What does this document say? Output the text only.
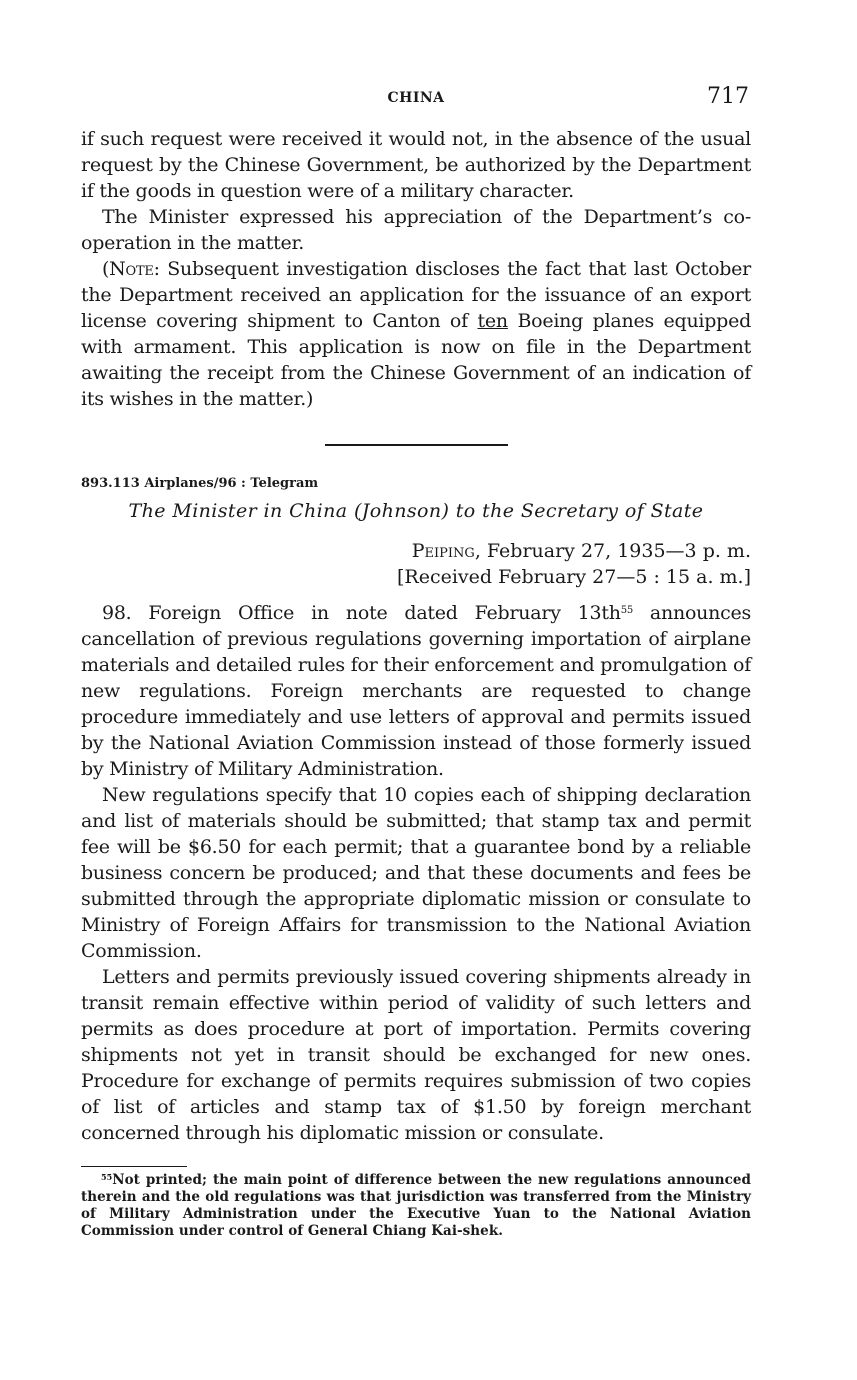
CHINA	717

if such request were received it would not, in the absence of the usual request by the Chinese Government, be authorized by the Department if the goods in question were of a military character.

The Minister expressed his appreciation of the Department’s co-operation in the matter.

(Note: Subsequent investigation discloses the fact that last October the Department received an application for the issuance of an export license covering shipment to Canton of ten Boeing planes equipped with armament. This application is now on file in the Department awaiting the receipt from the Chinese Government of an indication of its wishes in the matter.)

893.113 Airplanes/96 : Telegram

The Minister in China (Johnson) to the Secretary of State

Peiping, February 27, 1935—3 p. m.
[Received February 27—5 : 15 a. m.]

98. Foreign Office in note dated February 13th$^{55}$ announces cancellation of previous regulations governing importation of airplane materials and detailed rules for their enforcement and promulgation of new regulations. Foreign merchants are requested to change procedure immediately and use letters of approval and permits issued by the National Aviation Commission instead of those formerly issued by Ministry of Military Administration.

New regulations specify that 10 copies each of shipping declaration and list of materials should be submitted; that stamp tax and permit fee will be $6.50 for each permit; that a guarantee bond by a reliable business concern be produced; and that these documents and fees be submitted through the appropriate diplomatic mission or consulate to Ministry of Foreign Affairs for transmission to the National Aviation Commission.

Letters and permits previously issued covering shipments already in transit remain effective within period of validity of such letters and permits as does procedure at port of importation. Permits covering shipments not yet in transit should be exchanged for new ones. Procedure for exchange of permits requires submission of two copies of list of articles and stamp tax of $1.50 by foreign merchant concerned through his diplomatic mission or consulate.

$^{55}$Not printed; the main point of difference between the new regulations announced therein and the old regulations was that jurisdiction was transferred from the Ministry of Military Administration under the Executive Yuan to the National Aviation Commission under control of General Chiang Kai-shek.
